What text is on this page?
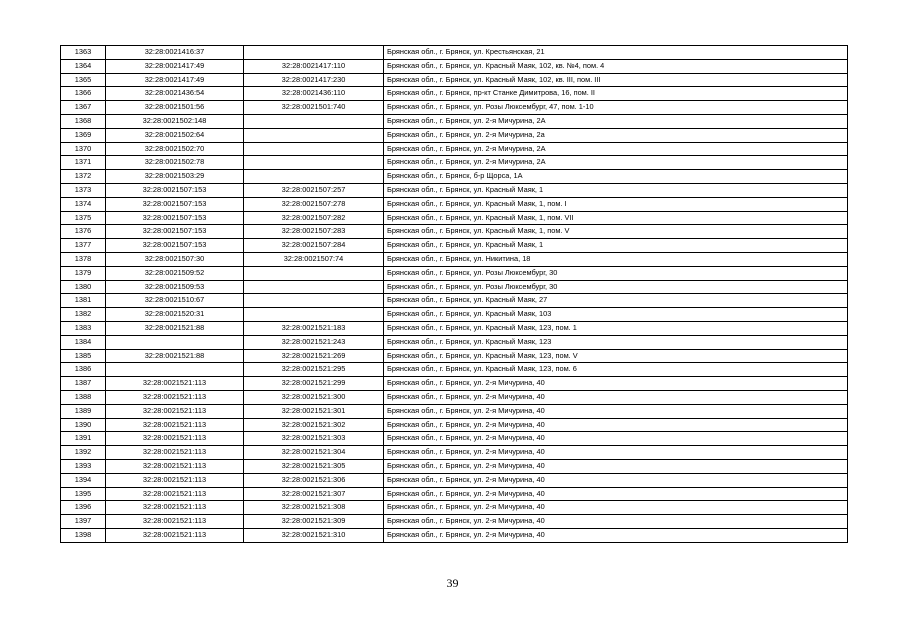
1363	32:28:0021416:37		Брянская обл., г. Брянск, ул. Крестьянская, 21
1364	32:28:0021417:49	32:28:0021417:110	Брянская обл., г. Брянск, ул. Красный Маяк, 102, кв. №4, пом. 4
1365	32:28:0021417:49	32:28:0021417:230	Брянская обл., г. Брянск, ул. Красный Маяк, 102, кв. III, пом. III
1366	32:28:0021436:54	32:28:0021436:110	Брянская обл., г. Брянск, пр-кт Станке Димитрова, 16, пом. II
1367	32:28:0021501:56	32:28:0021501:740	Брянская обл., г. Брянск, ул. Розы Люксембург, 47, пом. 1-10
1368	32:28:0021502:148		Брянская обл., г. Брянск, ул. 2-я Мичурина, 2А
1369	32:28:0021502:64		Брянская обл., г. Брянск, ул. 2-я Мичурина, 2а
1370	32:28:0021502:70		Брянская обл., г. Брянск, ул. 2-я Мичурина, 2А
1371	32:28:0021502:78		Брянская обл., г. Брянск, ул. 2-я Мичурина, 2А
1372	32:28:0021503:29		Брянская обл., г. Брянск, б-р Щорса, 1А
1373	32:28:0021507:153	32:28:0021507:257	Брянская обл., г. Брянск, ул. Красный Маяк, 1
1374	32:28:0021507:153	32:28:0021507:278	Брянская обл., г. Брянск, ул. Красный Маяк, 1, пом. I
1375	32:28:0021507:153	32:28:0021507:282	Брянская обл., г. Брянск, ул. Красный Маяк, 1, пом. VII
1376	32:28:0021507:153	32:28:0021507:283	Брянская обл., г. Брянск, ул. Красный Маяк, 1, пом. V
1377	32:28:0021507:153	32:28:0021507:284	Брянская обл., г. Брянск, ул. Красный Маяк, 1
1378	32:28:0021507:30	32:28:0021507:74	Брянская обл., г. Брянск, ул. Никитина, 18
1379	32:28:0021509:52		Брянская обл., г. Брянск, ул. Розы Люксембург, 30
1380	32:28:0021509:53		Брянская обл., г. Брянск, ул. Розы Люксембург, 30
1381	32:28:0021510:67		Брянская обл., г. Брянск, ул. Красный Маяк, 27
1382	32:28:0021520:31		Брянская обл., г. Брянск, ул. Красный Маяк, 103
1383	32:28:0021521:88	32:28:0021521:183	Брянская обл., г. Брянск, ул. Красный Маяк, 123, пом. 1
1384		32:28:0021521:243	Брянская обл., г. Брянск, ул. Красный Маяк, 123
1385	32:28:0021521:88	32:28:0021521:269	Брянская обл., г. Брянск, ул. Красный Маяк, 123, пом. V
1386		32:28:0021521:295	Брянская обл., г. Брянск, ул. Красный Маяк, 123, пом. 6
1387	32:28:0021521:113	32:28:0021521:299	Брянская обл., г. Брянск, ул. 2-я Мичурина, 40
1388	32:28:0021521:113	32:28:0021521:300	Брянская обл., г. Брянск, ул. 2-я Мичурина, 40
1389	32:28:0021521:113	32:28:0021521:301	Брянская обл., г. Брянск, ул. 2-я Мичурина, 40
1390	32:28:0021521:113	32:28:0021521:302	Брянская обл., г. Брянск, ул. 2-я Мичурина, 40
1391	32:28:0021521:113	32:28:0021521:303	Брянская обл., г. Брянск, ул. 2-я Мичурина, 40
1392	32:28:0021521:113	32:28:0021521:304	Брянская обл., г. Брянск, ул. 2-я Мичурина, 40
1393	32:28:0021521:113	32:28:0021521:305	Брянская обл., г. Брянск, ул. 2-я Мичурина, 40
1394	32:28:0021521:113	32:28:0021521:306	Брянская обл., г. Брянск, ул. 2-я Мичурина, 40
1395	32:28:0021521:113	32:28:0021521:307	Брянская обл., г. Брянск, ул. 2-я Мичурина, 40
1396	32:28:0021521:113	32:28:0021521:308	Брянская обл., г. Брянск, ул. 2-я Мичурина, 40
1397	32:28:0021521:113	32:28:0021521:309	Брянская обл., г. Брянск, ул. 2-я Мичурина, 40
1398	32:28:0021521:113	32:28:0021521:310	Брянская обл., г. Брянск, ул. 2-я Мичурина, 40
39
